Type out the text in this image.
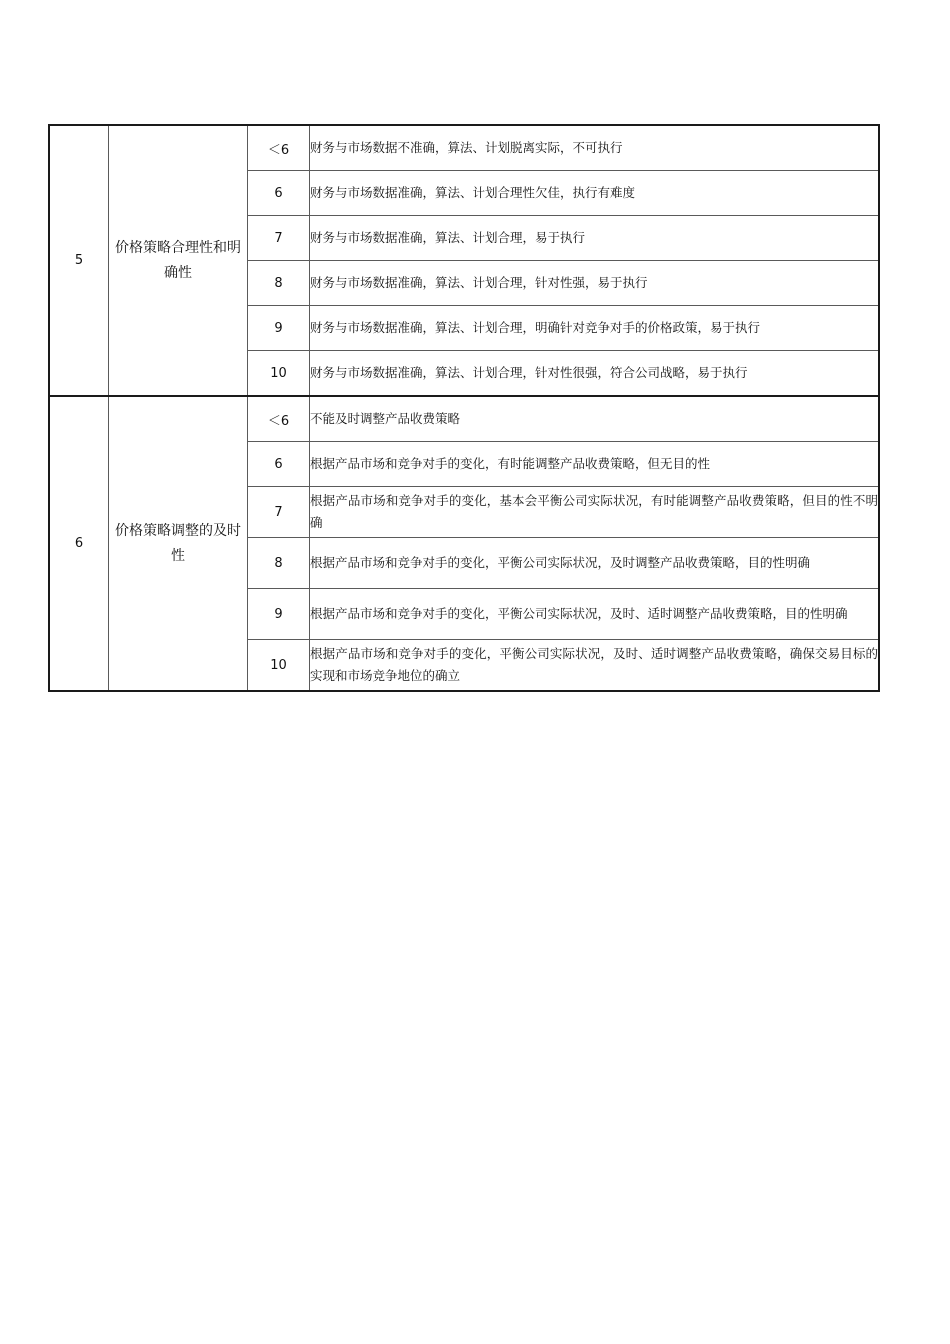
5	价格策略合理性和明确性	＜6	财务与市场数据不准确，算法、计划脱离实际，不可执行
		6	财务与市场数据准确，算法、计划合理性欠佳，执行有难度
		7	财务与市场数据准确，算法、计划合理，易于执行
		8	财务与市场数据准确，算法、计划合理，针对性强，易于执行
		9	财务与市场数据准确，算法、计划合理，明确针对竞争对手的价格政策，易于执行
		10	财务与市场数据准确，算法、计划合理，针对性很强，符合公司战略，易于执行
6	价格策略调整的及时性	＜6	不能及时调整产品收费策略
		6	根据产品市场和竞争对手的变化，有时能调整产品收费策略，但无目的性
		7	根据产品市场和竞争对手的变化，基本会平衡公司实际状况，有时能调整产品收费策略，但目的性不明确
		8	根据产品市场和竞争对手的变化，平衡公司实际状况，及时调整产品收费策略，目的性明确
		9	根据产品市场和竞争对手的变化，平衡公司实际状况，及时、适时调整产品收费策略，目的性明确
		10	根据产品市场和竞争对手的变化，平衡公司实际状况，及时、适时调整产品收费策略，确保交易目标的实现和市场竞争地位的确立
